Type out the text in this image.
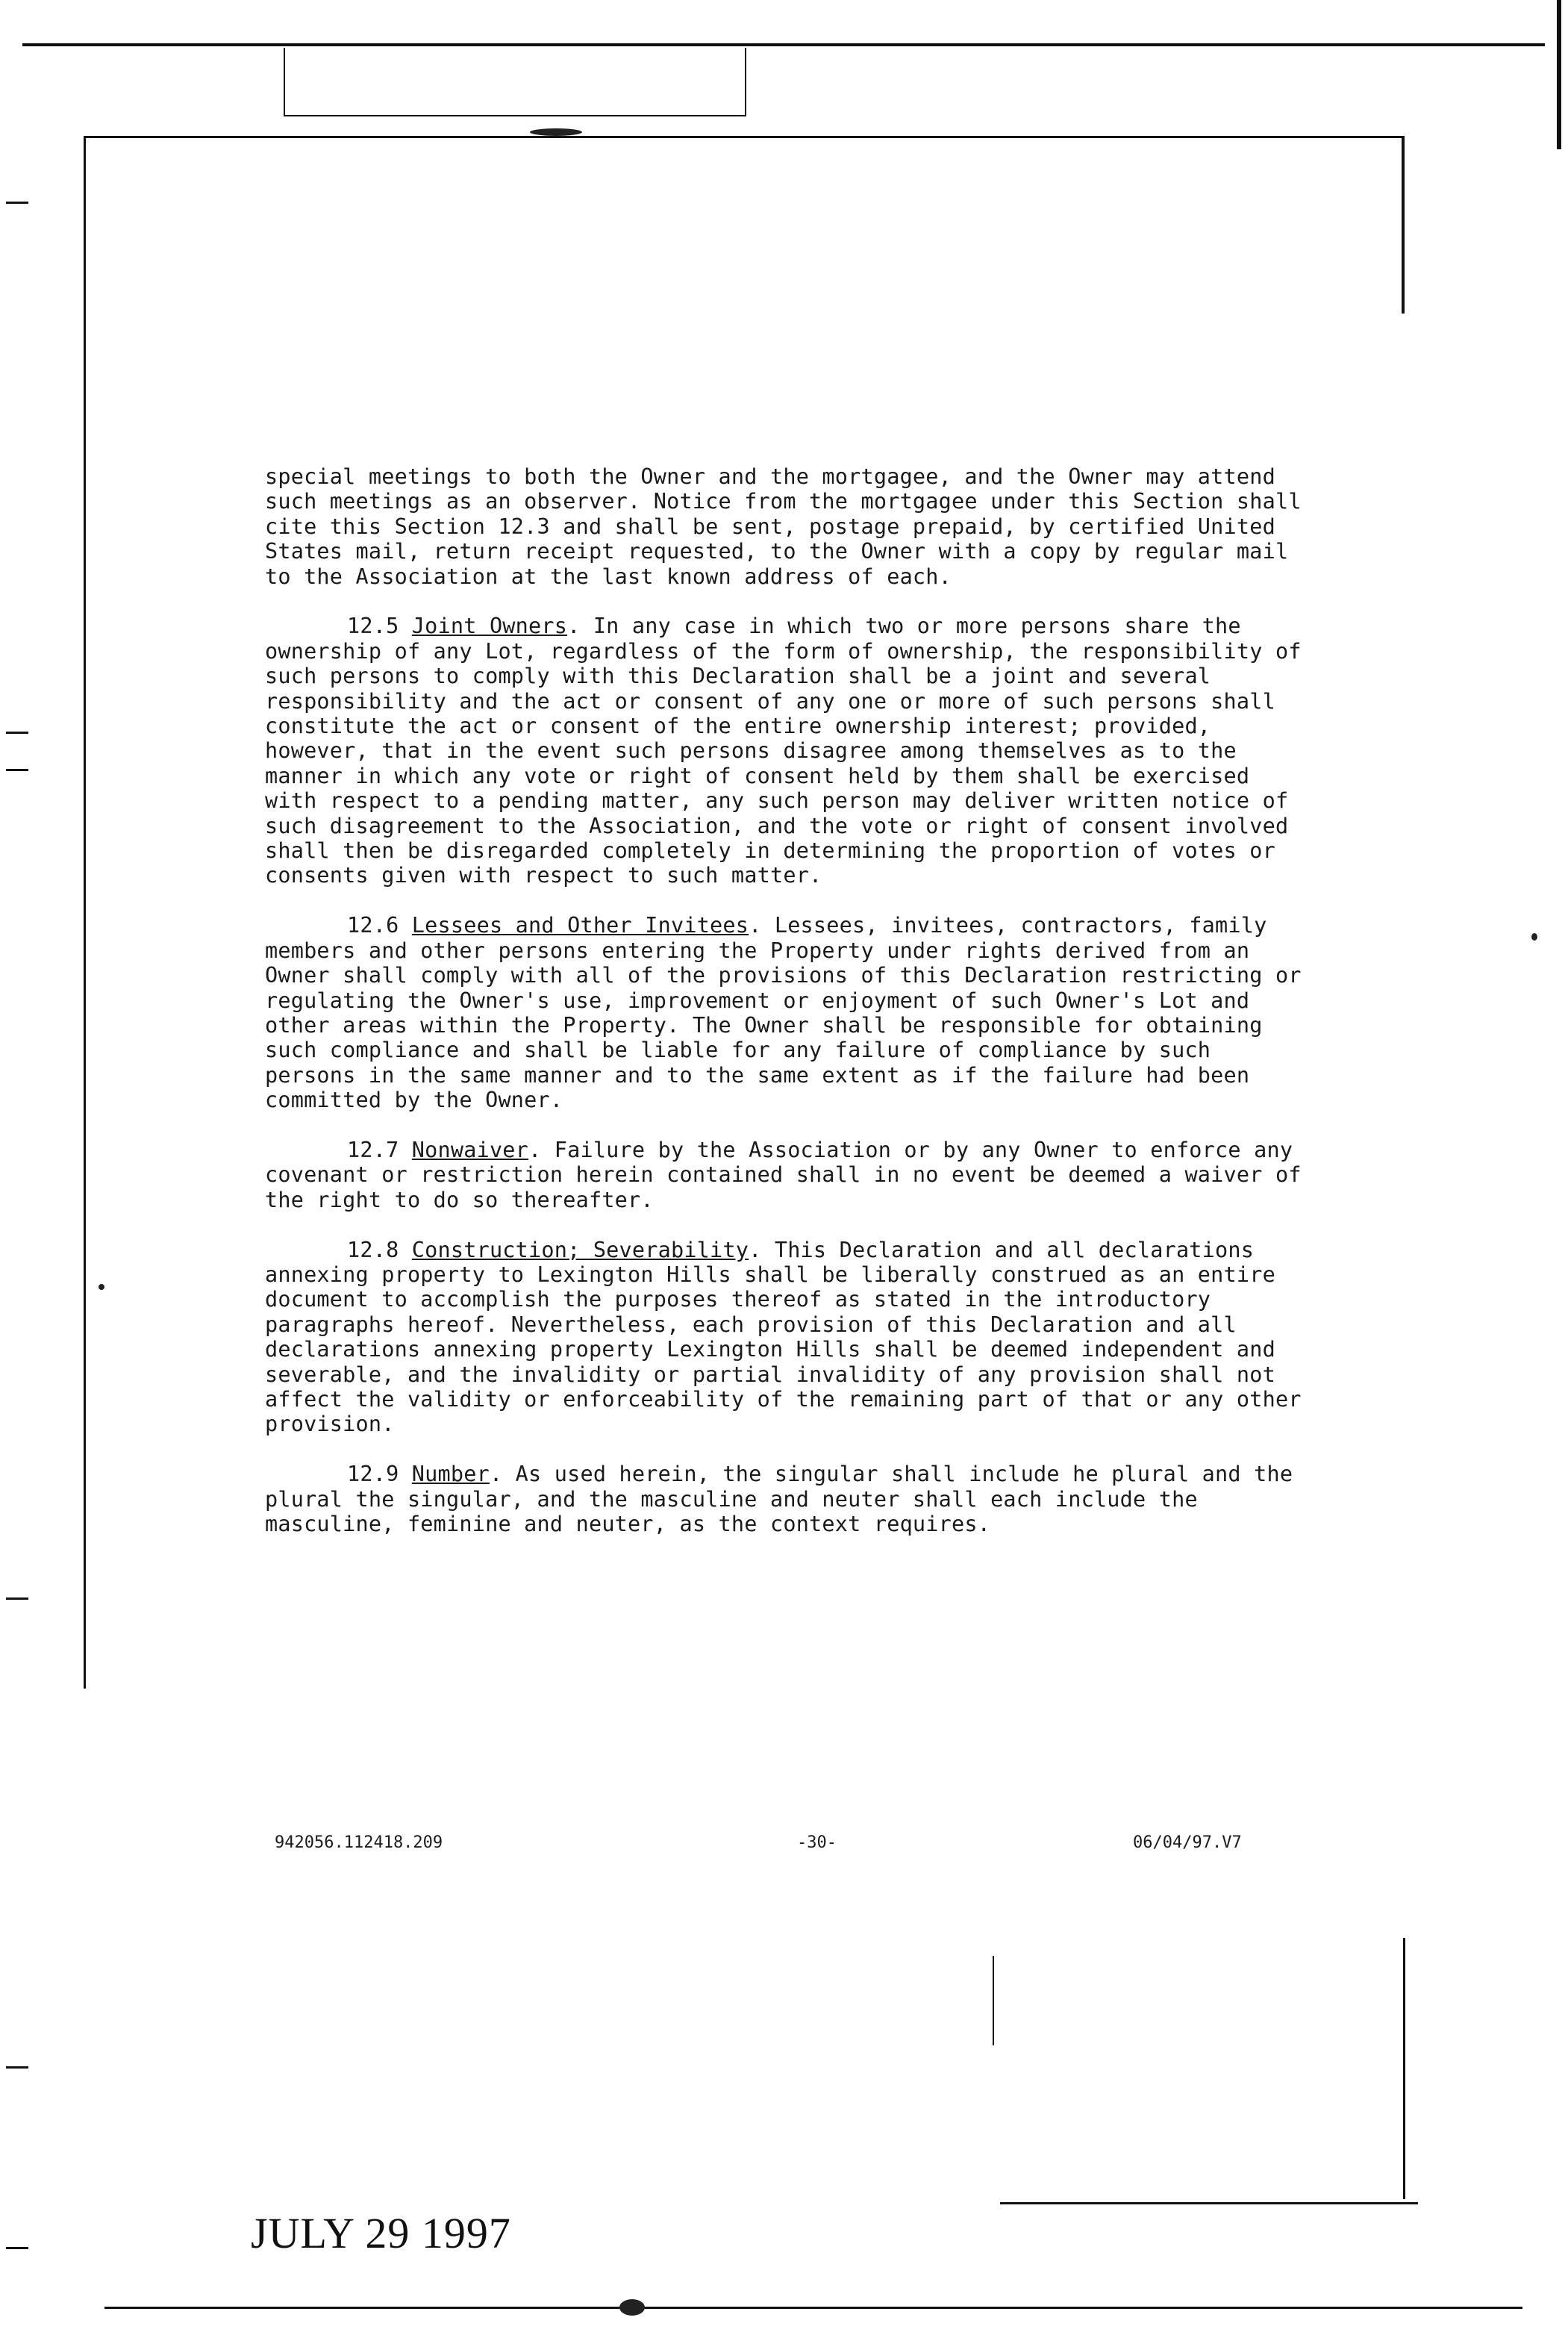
special meetings to both the Owner and the mortgagee, and the Owner may attend such meetings as an observer. Notice from the mortgagee under this Section shall cite this Section 12.3 and shall be sent, postage prepaid, by certified United States mail, return receipt requested, to the Owner with a copy by regular mail to the Association at the last known address of each.

12.5 Joint Owners. In any case in which two or more persons share the ownership of any Lot, regardless of the form of ownership, the responsibility of such persons to comply with this Declaration shall be a joint and several responsibility and the act or consent of any one or more of such persons shall constitute the act or consent of the entire ownership interest; provided, however, that in the event such persons disagree among themselves as to the manner in which any vote or right of consent held by them shall be exercised with respect to a pending matter, any such person may deliver written notice of such disagreement to the Association, and the vote or right of consent involved shall then be disregarded completely in determining the proportion of votes or consents given with respect to such matter.

12.6 Lessees and Other Invitees. Lessees, invitees, contractors, family members and other persons entering the Property under rights derived from an Owner shall comply with all of the provisions of this Declaration restricting or regulating the Owner's use, improvement or enjoyment of such Owner's Lot and other areas within the Property. The Owner shall be responsible for obtaining such compliance and shall be liable for any failure of compliance by such persons in the same manner and to the same extent as if the failure had been committed by the Owner.

12.7 Nonwaiver. Failure by the Association or by any Owner to enforce any covenant or restriction herein contained shall in no event be deemed a waiver of the right to do so thereafter.

12.8 Construction; Severability. This Declaration and all declarations annexing property to Lexington Hills shall be liberally construed as an entire document to accomplish the purposes thereof as stated in the introductory paragraphs hereof. Nevertheless, each provision of this Declaration and all declarations annexing property Lexington Hills shall be deemed independent and severable, and the invalidity or partial invalidity of any provision shall not affect the validity or enforceability of the remaining part of that or any other provision.

12.9 Number. As used herein, the singular shall include he plural and the plural the singular, and the masculine and neuter shall each include the masculine, feminine and neuter, as the context requires.

942056.112418.209	-30-	06/04/97.V7
JULY 29 1997
